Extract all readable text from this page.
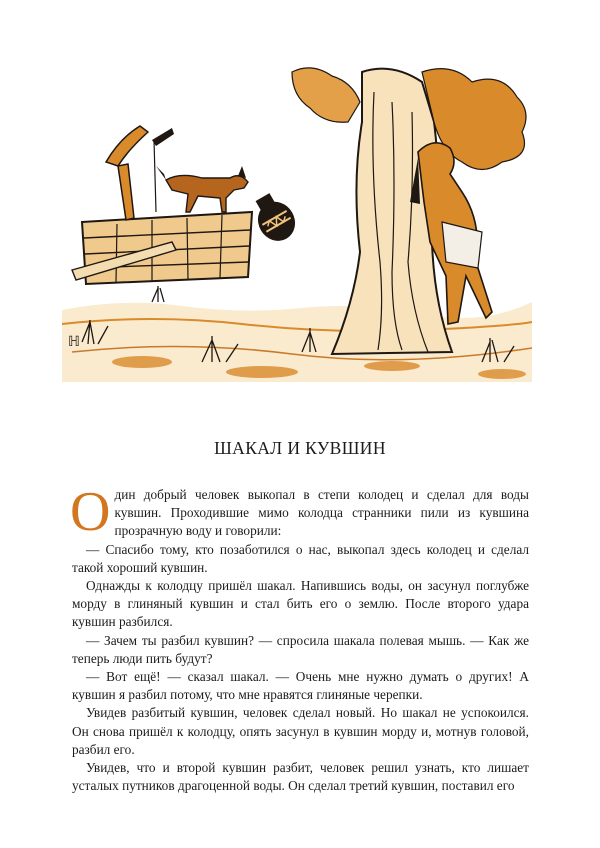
ℍ
ШАКАЛ И КУВШИН

Один добрый человек выкопал в степи колодец и сделал для воды кувшин. Проходившие мимо колодца странники пили из кувшина прозрачную воду и говорили:

— Спасибо тому, кто позаботился о нас, выкопал здесь колодец и сделал такой хороший кувшин.

Однажды к колодцу пришёл шакал. Напившись воды, он засунул поглубже морду в глиняный кувшин и стал бить его о землю. После второго удара кувшин разбился.

— Зачем ты разбил кувшин? — спросила шакала полевая мышь. — Как же теперь люди пить будут?

— Вот ещё! — сказал шакал. — Очень мне нужно думать о других! А кувшин я разбил потому, что мне нравятся глиняные черепки.

Увидев разбитый кувшин, человек сделал новый. Но шакал не успокоился. Он снова пришёл к колодцу, опять засунул в кувшин морду и, мотнув головой, разбил его.

Увидев, что и второй кувшин разбит, человек решил узнать, кто лишает усталых путников драгоценной воды. Он сделал третий кувшин, поставил его
